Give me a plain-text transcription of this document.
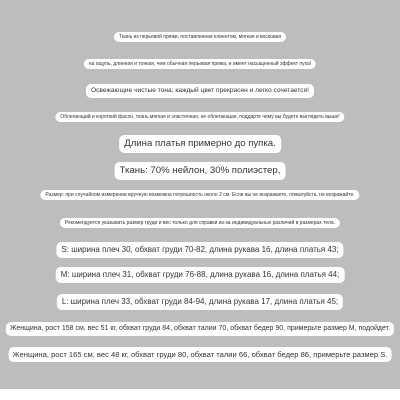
Ткань из перьевой пряжи, поставленная клиентом, мягкая и восковая
на ощупь, длинная и тонкая, чем обычная перьевая пряжа, и имеет насыщенный эффект пуха!
Освежающие чистые тона: каждый цвет прекрасен и легко сочетается!
Облегающий и короткий фасон, ткань мягкая и эластичная, не облегающая, поддарте чему вы будете выглядеть выше!
Длина платья примерно до пупка.
Ткань: 70% нейлон, 30% полиэстер,
Размер: при случайном измерении вручную возможна погрешность около 2 см. Если вы не возражаете, пожалуйста, не возражайте.
Рекомендуется указывать размер груди и вес только для справки из-за индивидуальных различий в размерах тела.
S: ширина плеч 30, обхват груди 70-82, длина рукава 16, длина платья 43;
M: ширина плеч 31, обхват груди 76-88, длина рукава 16, длина платья 44;
L: ширина плеч 33, обхват груди 84-94, длина рукава 17, длина платья 45;
Женщина, рост 158 см, вес 51 кг, обхват груди 84, обхват талии 70, обхват бедер 90, примерьте размер M, подойдет.
Женщина, рост 165 см, вес 48 кг, обхват груди 80, обхват талии 66, обхват бедер 86, примерьте размер S.
